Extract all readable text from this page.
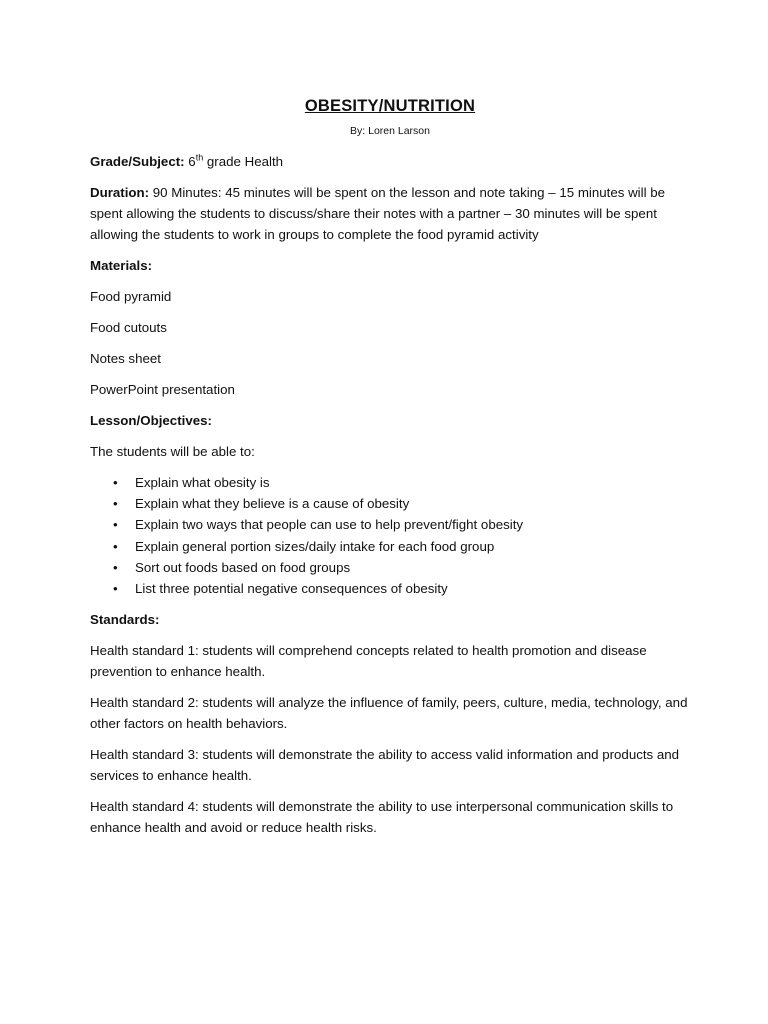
OBESITY/NUTRITION
By: Loren Larson

Grade/Subject: 6th grade Health

Duration: 90 Minutes: 45 minutes will be spent on the lesson and note taking – 15 minutes will be spent allowing the students to discuss/share their notes with a partner – 30 minutes will be spent allowing the students to work in groups to complete the food pyramid activity

Materials:

Food pyramid

Food cutouts

Notes sheet

PowerPoint presentation

Lesson/Objectives:

The students will be able to:

• Explain what obesity is
• Explain what they believe is a cause of obesity
• Explain two ways that people can use to help prevent/fight obesity
• Explain general portion sizes/daily intake for each food group
• Sort out foods based on food groups
• List three potential negative consequences of obesity

Standards:

Health standard 1: students will comprehend concepts related to health promotion and disease prevention to enhance health.

Health standard 2: students will analyze the influence of family, peers, culture, media, technology, and other factors on health behaviors.

Health standard 3: students will demonstrate the ability to access valid information and products and services to enhance health.

Health standard 4: students will demonstrate the ability to use interpersonal communication skills to enhance health and avoid or reduce health risks.
